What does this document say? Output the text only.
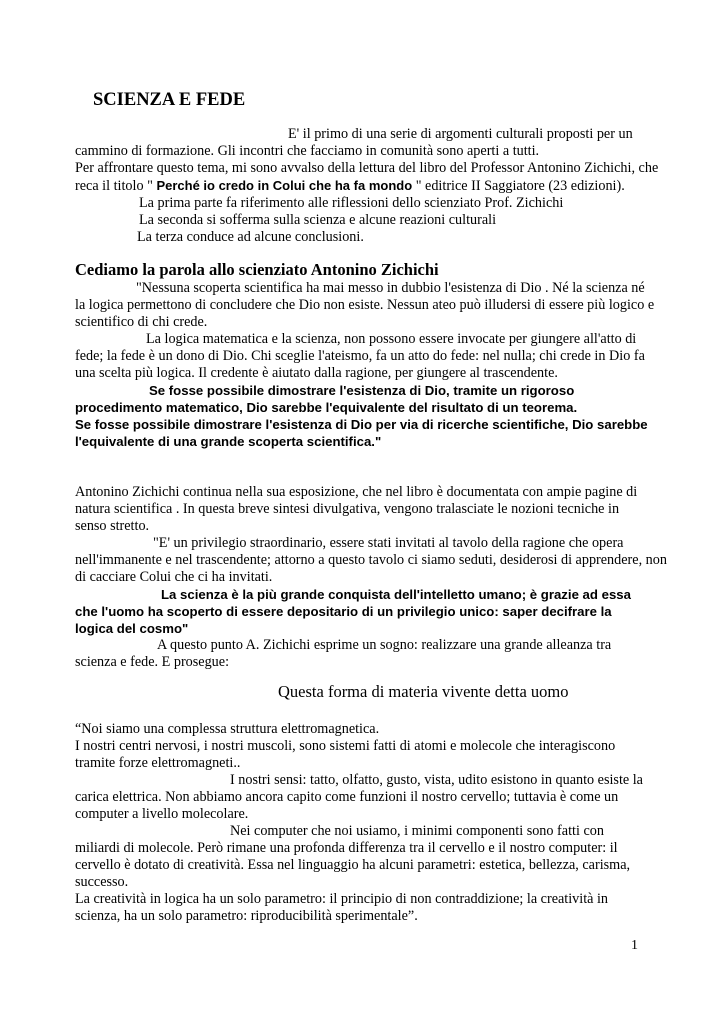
SCIENZA E FEDE
E' il primo di una serie di argomenti culturali proposti per un
cammino di formazione. Gli incontri che facciamo in comunità sono aperti a tutti.
Per affrontare questo tema, mi sono avvalso della lettura del libro del Professor Antonino Zichichi, che
reca il titolo " Perché io credo in Colui che ha fa mondo " editrice II Saggiatore (23 edizioni).
La prima parte fa riferimento alle riflessioni dello scienziato Prof. Zichichi
La seconda si sofferma sulla scienza e alcune reazioni culturali
La terza conduce ad alcune conclusioni.
Cediamo la parola allo scienziato Antonino Zichichi
"Nessuna scoperta scientifica ha mai messo in dubbio l'esistenza di Dio . Né la scienza né
la logica permettono di concludere che Dio non esiste. Nessun ateo può illudersi di essere più logico e
scientifico di chi crede.
La logica matematica e la scienza, non possono essere invocate per giungere all'atto di
fede; la fede è un dono di Dio. Chi sceglie l'ateismo, fa un atto do fede: nel nulla; chi crede in Dio fa
una scelta più logica. Il credente è aiutato dalla ragione, per giungere al trascendente.
Se fosse possibile dimostrare l'esistenza di Dio, tramite un rigoroso
procedimento matematico, Dio sarebbe l'equivalente del risultato di un teorema.
Se fosse possibile dimostrare l'esistenza di Dio per via di ricerche scientifiche, Dio sarebbe
l'equivalente di una grande scoperta scientifica."
Antonino Zichichi continua nella sua esposizione, che nel libro è documentata con ampie pagine di
natura scientifica . In questa breve sintesi divulgativa, vengono tralasciate le nozioni tecniche in
senso stretto.
"E' un privilegio straordinario, essere stati invitati al tavolo della ragione che opera
nell'immanente e nel trascendente; attorno a questo tavolo ci siamo seduti, desiderosi di apprendere, non
di cacciare Colui che ci ha invitati.
La scienza è la più grande conquista dell'intelletto umano; è grazie ad essa
che l'uomo ha scoperto di essere depositario di un privilegio unico: saper decifrare la
logica del cosmo"
A questo punto A. Zichichi esprime un sogno: realizzare una grande alleanza tra
scienza e fede. E prosegue:
Questa forma di materia vivente detta uomo
“Noi siamo una complessa struttura elettromagnetica.
I nostri centri nervosi, i nostri muscoli, sono sistemi fatti di atomi e molecole che interagiscono
tramite forze elettromagneti..
I nostri sensi: tatto, olfatto, gusto, vista, udito esistono in quanto esiste la
carica elettrica. Non abbiamo ancora capito come funzioni il nostro cervello; tuttavia è come un
computer a livello molecolare.
Nei computer che noi usiamo, i minimi componenti sono fatti con
miliardi di molecole. Però rimane una profonda differenza tra il cervello e il nostro computer: il
cervello è dotato di creatività. Essa nel linguaggio ha alcuni parametri: estetica, bellezza, carisma,
successo.
La creatività in logica ha un solo parametro: il principio di non contraddizione; la creatività in
scienza, ha un solo parametro: riproducibilità sperimentale”.
1
